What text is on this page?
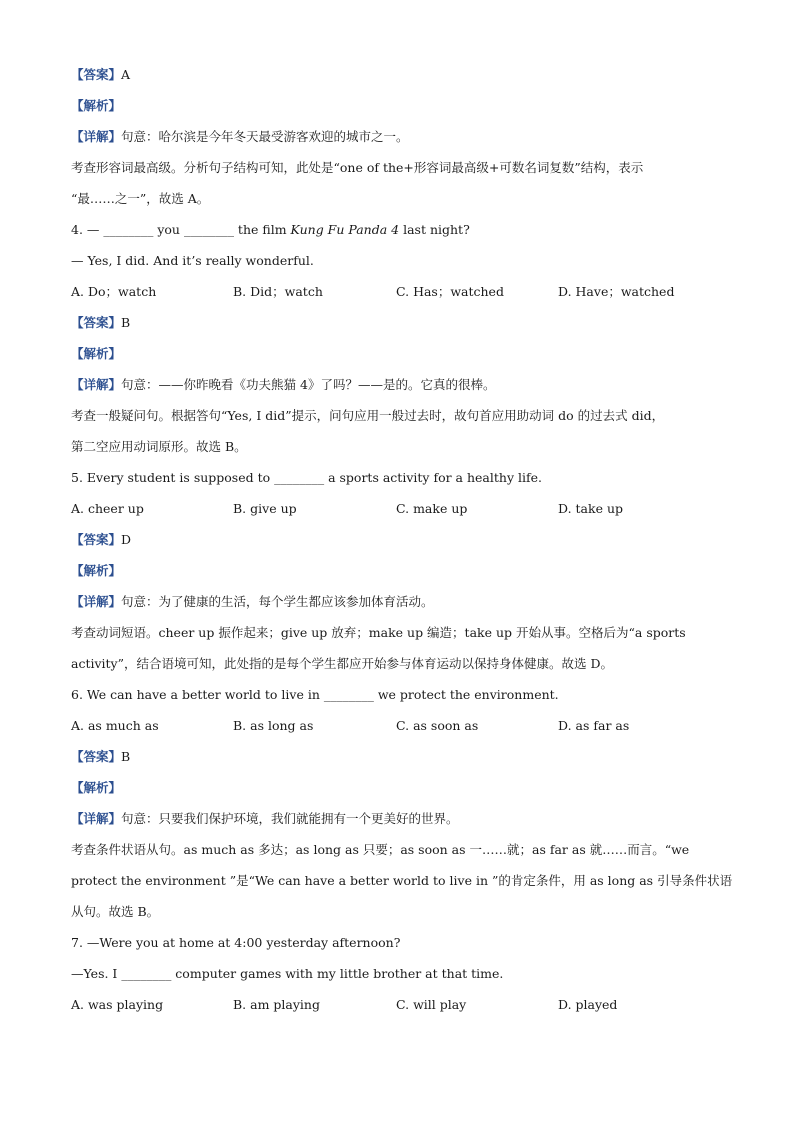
【答案】A
【解析】
【详解】句意：哈尔滨是今年冬天最受游客欢迎的城市之一。
考查形容词最高级。分析句子结构可知，此处是“one of the+形容词最高级+可数名词复数”结构，表示
“最……之一”，故选 A。
4. — ________ you ________ the film Kung Fu Panda 4 last night?
— Yes, I did. And it’s really wonderful.
A. Do；watch	B. Did；watch	C. Has；watched	D. Have；watched
【答案】B
【解析】
【详解】句意：——你昨晚看《功夫熊猫 4》了吗？——是的。它真的很棒。
考查一般疑问句。根据答句“Yes, I did”提示，问句应用一般过去时，故句首应用助动词 do 的过去式 did，
第二空应用动词原形。故选 B。
5. Every student is supposed to ________ a sports activity for a healthy life.
A. cheer up	B. give up	C. make up	D. take up
【答案】D
【解析】
【详解】句意：为了健康的生活，每个学生都应该参加体育活动。
考查动词短语。cheer up 振作起来；give up 放弃；make up 编造；take up 开始从事。空格后为“a sports
activity”，结合语境可知，此处指的是每个学生都应开始参与体育运动以保持身体健康。故选 D。
6. We can have a better world to live in ________ we protect the environment.
A. as much as	B. as long as	C. as soon as	D. as far as
【答案】B
【解析】
【详解】句意：只要我们保护环境，我们就能拥有一个更美好的世界。
考查条件状语从句。as much as 多达；as long as 只要；as soon as 一……就；as far as 就……而言。“we
protect the environment ”是“We can have a better world to live in ”的肯定条件，用 as long as 引导条件状语
从句。故选 B。
7. —Were you at home at 4:00 yesterday afternoon?
—Yes. I ________ computer games with my little brother at that time.
A. was playing	B. am playing	C. will play	D. played
